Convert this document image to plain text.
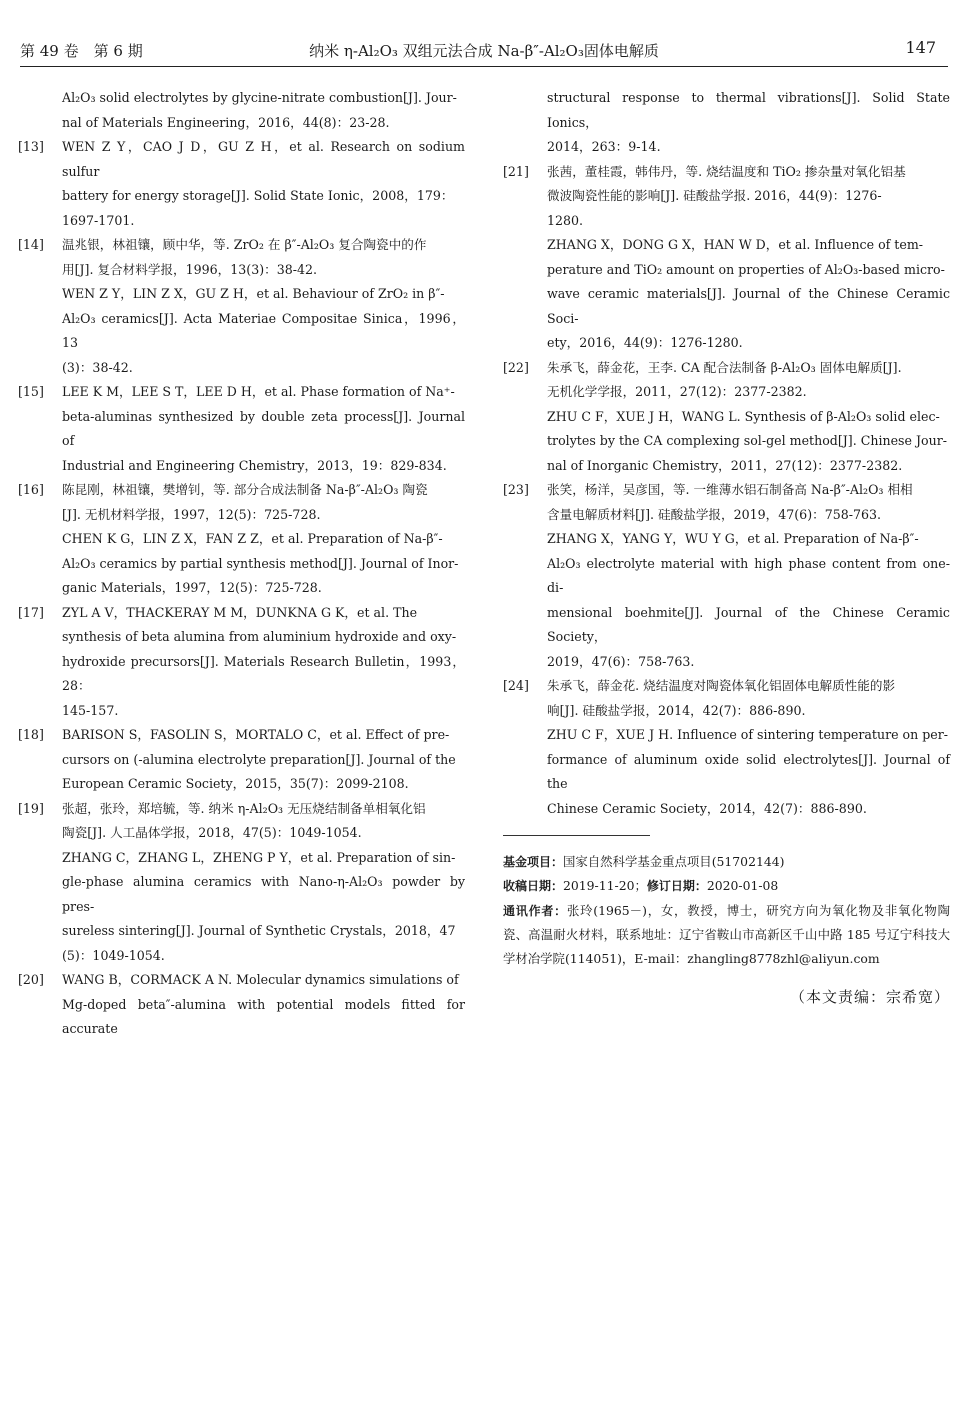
第 49 卷　第 6 期	纳米 η-Al₂O₃ 双组元法合成 Na-β″-Al₂O₃固体电解质	147
Al₂O₃ solid electrolytes by glycine-nitrate combustion[J]. Jour-
nal of Materials Engineering，2016，44(8)：23-28.
[13] WEN Z Y，CAO J D，GU Z H，et al. Research on sodium sulfur
battery for energy storage[J]. Solid State Ionic，2008，179：
1697-1701.
[14] 温兆银，林祖镶，顾中华，等. ZrO₂ 在 β″-Al₂O₃ 复合陶瓷中的作
用[J]. 复合材料学报，1996，13(3)：38-42.
WEN Z Y，LIN Z X，GU Z H，et al. Behaviour of ZrO₂ in β″-
Al₂O₃ ceramics[J]. Acta Materiae Compositae Sinica，1996，13
(3)：38-42.
[15] LEE K M，LEE S T，LEE D H，et al. Phase formation of Na⁺-
beta-aluminas synthesized by double zeta process[J]. Journal of
Industrial and Engineering Chemistry，2013，19：829-834.
[16] 陈昆刚，林祖镶，樊增钊，等. 部分合成法制备 Na-β″-Al₂O₃ 陶瓷
[J]. 无机材料学报，1997，12(5)：725-728.
CHEN K G，LIN Z X，FAN Z Z，et al. Preparation of Na-β″-
Al₂O₃ ceramics by partial synthesis method[J]. Journal of Inor-
ganic Materials，1997，12(5)：725-728.
[17] ZYL A V，THACKERAY M M，DUNKNA G K，et al. The
synthesis of beta alumina from aluminium hydroxide and oxy-
hydroxide precursors[J]. Materials Research Bulletin，1993，28：
145-157.
[18] BARISON S，FASOLIN S，MORTALO C，et al. Effect of pre-
cursors on (-alumina electrolyte preparation[J]. Journal of the
European Ceramic Society，2015，35(7)：2099-2108.
[19] 张超，张玲，郑培毓，等. 纳米 η-Al₂O₃ 无压烧结制备单相氧化铝
陶瓷[J]. 人工晶体学报，2018，47(5)：1049-1054.
ZHANG C，ZHANG L，ZHENG P Y，et al. Preparation of sin-
gle-phase alumina ceramics with Nano-η-Al₂O₃ powder by pres-
sureless sintering[J]. Journal of Synthetic Crystals，2018，47
(5)：1049-1054.
[20] WANG B，CORMACK A N. Molecular dynamics simulations of
Mg-doped beta″-alumina with potential models fitted for accurate
structural response to thermal vibrations[J]. Solid State Ionics，
2014，263：9-14.
[21] 张茜，董桂霞，韩伟丹，等. 烧结温度和 TiO₂ 掺杂量对氧化铝基
微波陶瓷性能的影响[J]. 硅酸盐学报. 2016，44(9)：1276-
1280.
ZHANG X，DONG G X，HAN W D，et al. Influence of tem-
perature and TiO₂ amount on properties of Al₂O₃-based micro-
wave ceramic materials[J]. Journal of the Chinese Ceramic Soci-
ety，2016，44(9)：1276-1280.
[22] 朱承飞，薛金花，王李. CA 配合法制备 β-Al₂O₃ 固体电解质[J].
无机化学学报，2011，27(12)：2377-2382.
ZHU C F，XUE J H，WANG L. Synthesis of β-Al₂O₃ solid elec-
trolytes by the CA complexing sol-gel method[J]. Chinese Jour-
nal of Inorganic Chemistry，2011，27(12)：2377-2382.
[23] 张笑，杨洋，吴彦国，等. 一维薄水铝石制备高 Na-β″-Al₂O₃ 相相
含量电解质材料[J]. 硅酸盐学报，2019，47(6)：758-763.
ZHANG X，YANG Y，WU Y G，et al. Preparation of Na-β″-
Al₂O₃ electrolyte material with high phase content from one-di-
mensional boehmite[J]. Journal of the Chinese Ceramic Society，
2019，47(6)：758-763.
[24] 朱承飞，薛金花. 烧结温度对陶瓷体氧化铝固体电解质性能的影
响[J]. 硅酸盐学报，2014，42(7)：886-890.
ZHU C F，XUE J H. Influence of sintering temperature on per-
formance of aluminum oxide solid electrolytes[J]. Journal of the
Chinese Ceramic Society，2014，42(7)：886-890.
基金项目：国家自然科学基金重点项目(51702144)
收稿日期：2019-11-20；修订日期：2020-01-08
通讯作者：张玲(1965－)，女，教授，博士，研究方向为氧化物及非氧化物陶瓷、高温耐火材料，联系地址：辽宁省鞍山市高新区千山中路 185 号辽宁科技大学材冶学院(114051)，E-mail：zhangling8778zhl@aliyun.com
（本文责编：宗希宽）
